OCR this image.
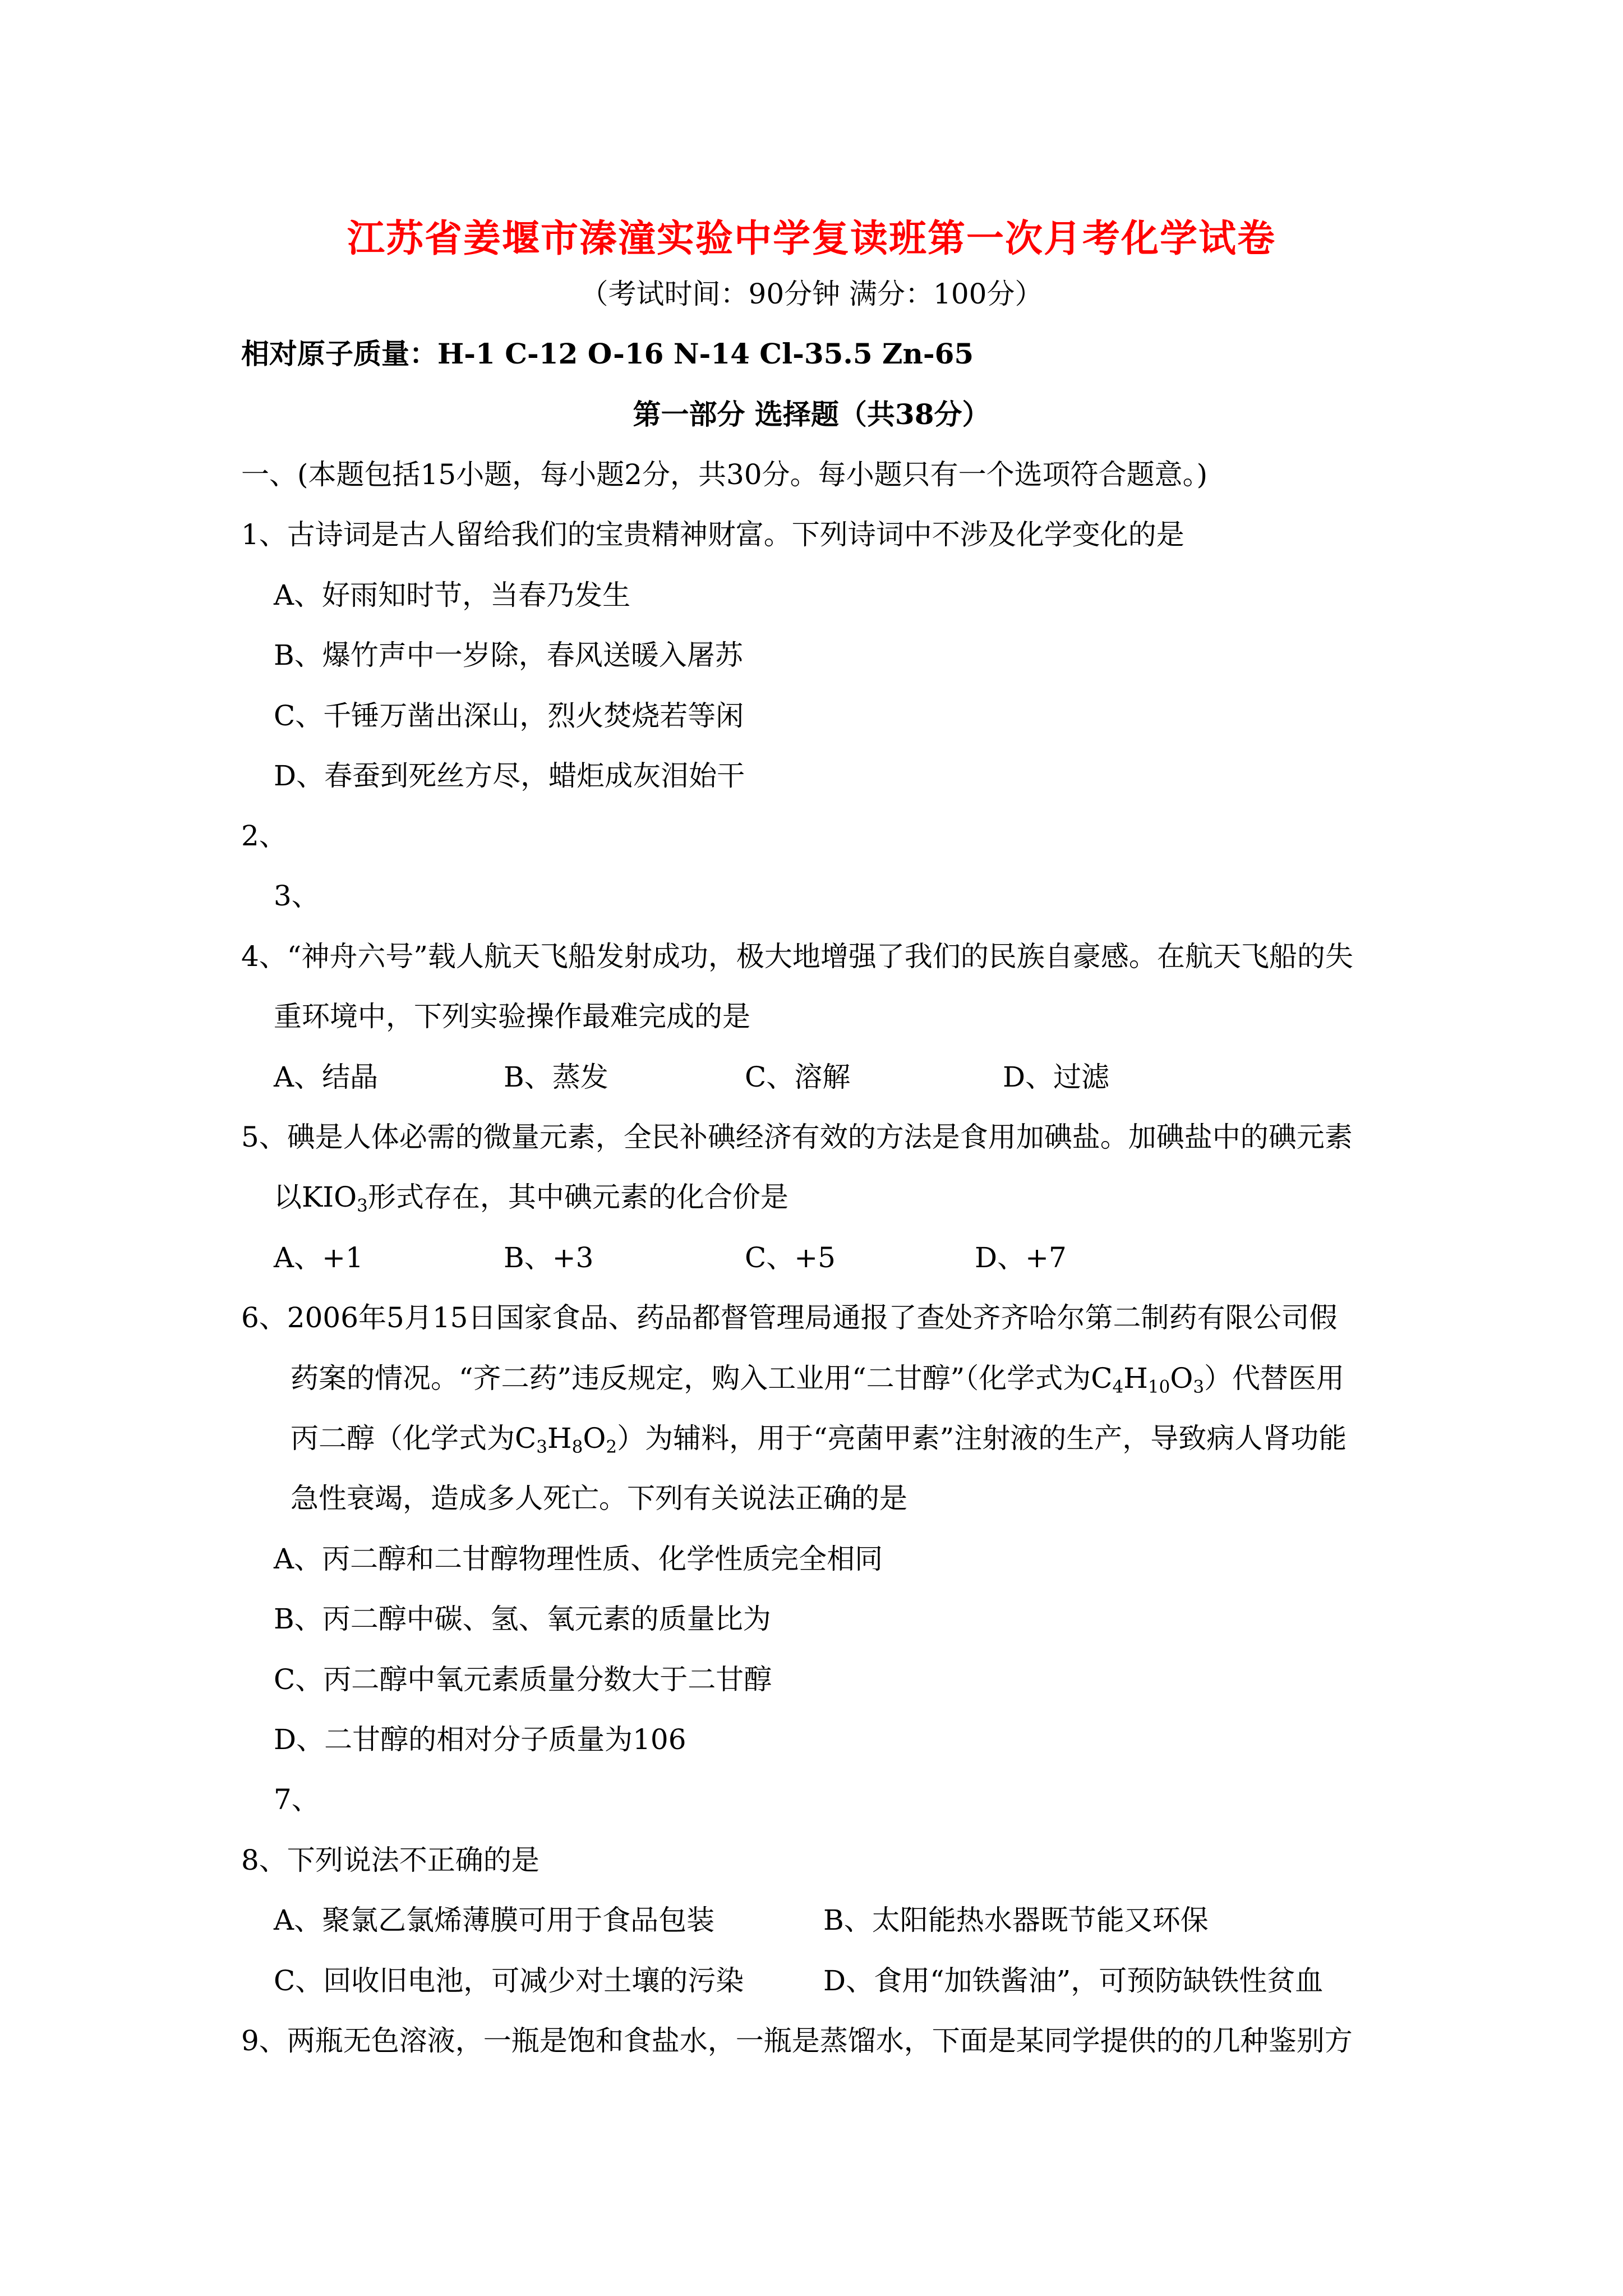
江苏省姜堰市溱潼实验中学复读班第一次月考化学试卷
（考试时间：90分钟 满分：100分）
相对原子质量：H-1 C-12 O-16 N-14 Cl-35.5 Zn-65
第一部分 选择题（共38分）
一、(本题包括15小题，每小题2分，共30分。每小题只有一个选项符合题意。)
1、古诗词是古人留给我们的宝贵精神财富。下列诗词中不涉及化学变化的是
A、好雨知时节，当春乃发生
B、爆竹声中一岁除，春风送暖入屠苏
C、千锤万凿出深山，烈火焚烧若等闲
D、春蚕到死丝方尽，蜡炬成灰泪始干
2、
3、
4、“神舟六号”载人航天飞船发射成功，极大地增强了我们的民族自豪感。在航天飞船的失
重环境中，下列实验操作最难完成的是
A、结晶	B、蒸发	C、溶解	D、过滤
5、碘是人体必需的微量元素，全民补碘经济有效的方法是食用加碘盐。加碘盐中的碘元素
以$KIO_3$形式存在，其中碘元素的化合价是
A、+1	B、+3	C、+5	D、+7
6、2006年5月15日国家食品、药品都督管理局通报了查处齐齐哈尔第二制药有限公司假
药案的情况。“齐二药”违反规定，购入工业用“二甘醇”（化学式为$C_4H_{10}O_3$）代替医用
丙二醇（化学式为$C_3H_8O_2$）为辅料，用于“亮菌甲素”注射液的生产，导致病人肾功能
急性衰竭，造成多人死亡。下列有关说法正确的是
A、丙二醇和二甘醇物理性质、化学性质完全相同
B、丙二醇中碳、氢、氧元素的质量比为
C、丙二醇中氧元素质量分数大于二甘醇
D、二甘醇的相对分子质量为106
7、
8、下列说法不正确的是
A、聚氯乙氯烯薄膜可用于食品包装	B、太阳能热水器既节能又环保
C、回收旧电池，可减少对土壤的污染	D、食用“加铁酱油”，可预防缺铁性贫血
9、两瓶无色溶液，一瓶是饱和食盐水，一瓶是蒸馏水，下面是某同学提供的的几种鉴别方
